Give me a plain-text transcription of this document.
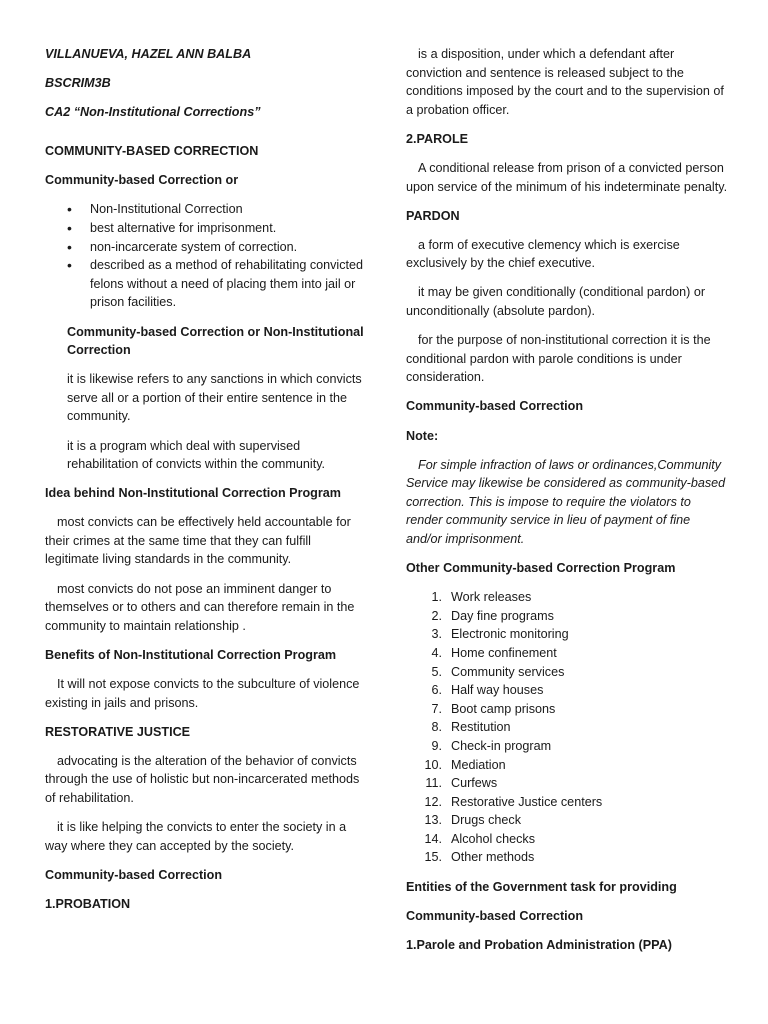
VILLANUEVA, HAZEL ANN BALBA

BSCRIM3B

CA2 “Non-Institutional Corrections”

COMMUNITY-BASED CORRECTION

Community-based Correction or

• Non-Institutional Correction
• best alternative for imprisonment.
• non-incarcerate system of correction.
• described as a method of rehabilitating convicted felons without a need of placing them into jail or prison facilities.

Community-based Correction or Non-Institutional Correction

it is likewise refers to any sanctions in which convicts serve all or a portion of their entire sentence in the community.

it is a program which deal with supervised rehabilitation of convicts within the community.

Idea behind Non-Institutional Correction Program

most convicts can be effectively held accountable for their crimes at the same time that they can fulfill legitimate living standards in the community.

most convicts do not pose an imminent danger to themselves or to others and can therefore remain in the community to maintain relationship .

Benefits of Non-Institutional Correction Program

It will not expose convicts to the subculture of violence existing in jails and prisons.

RESTORATIVE JUSTICE

advocating is the alteration of the behavior of convicts through the use of holistic but non-incarcerated methods of rehabilitation.

it is like helping the convicts to enter the society in a way where they can accepted by the society.

Community-based Correction

1.PROBATION

is a disposition, under which a defendant after conviction and sentence is released subject to the conditions imposed by the court and to the supervision of a probation officer.

2.PAROLE

A conditional release from prison of a convicted person upon service of the minimum of his indeterminate penalty.

PARDON

a form of executive clemency which is exercise exclusively by the chief executive.

it may be given conditionally (conditional pardon) or unconditionally (absolute pardon).

for the purpose of non-institutional correction it is the conditional pardon with parole conditions is under consideration.

Community-based Correction

Note:

For simple infraction of laws or ordinances,Community Service may likewise be considered as community-based correction. This is impose to require the violators to render community service in lieu of payment of fine and/or imprisonment.

Other Community-based Correction Program

1. Work releases
2. Day fine programs
3. Electronic monitoring
4. Home confinement
5. Community services
6. Half way houses
7. Boot camp prisons
8. Restitution
9. Check-in program
10. Mediation
11. Curfews
12. Restorative Justice centers
13. Drugs check
14. Alcohol checks
15. Other methods

Entities of the Government task for providing

Community-based Correction

1.Parole and Probation Administration (PPA)
